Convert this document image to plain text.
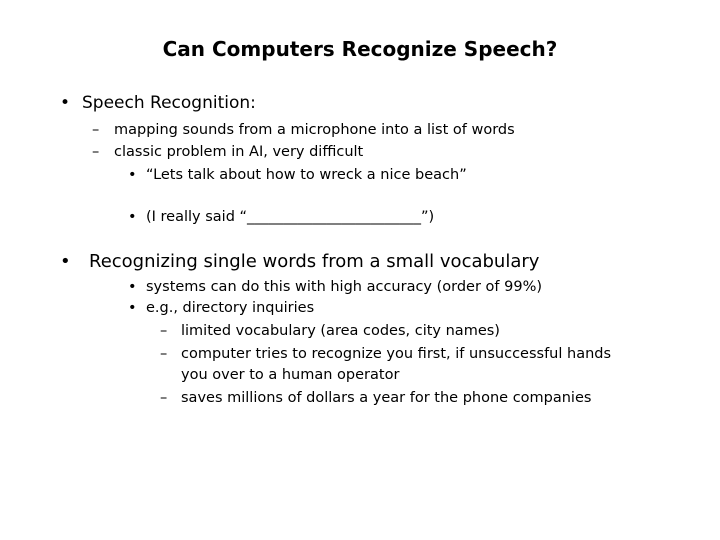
Can Computers Recognize Speech?
• Speech Recognition:
– mapping sounds from a microphone into a list of words
– classic problem in AI, very difficult
• “Lets talk about how to wreck a nice beach”
• (I really said “________________________”)
• Recognizing single words from a small vocabulary
• systems can do this with high accuracy (order of 99%)
• e.g., directory inquiries
– limited vocabulary (area codes, city names)
– computer tries to recognize you first, if unsuccessful hands
you over to a human operator
– saves millions of dollars a year for the phone companies
